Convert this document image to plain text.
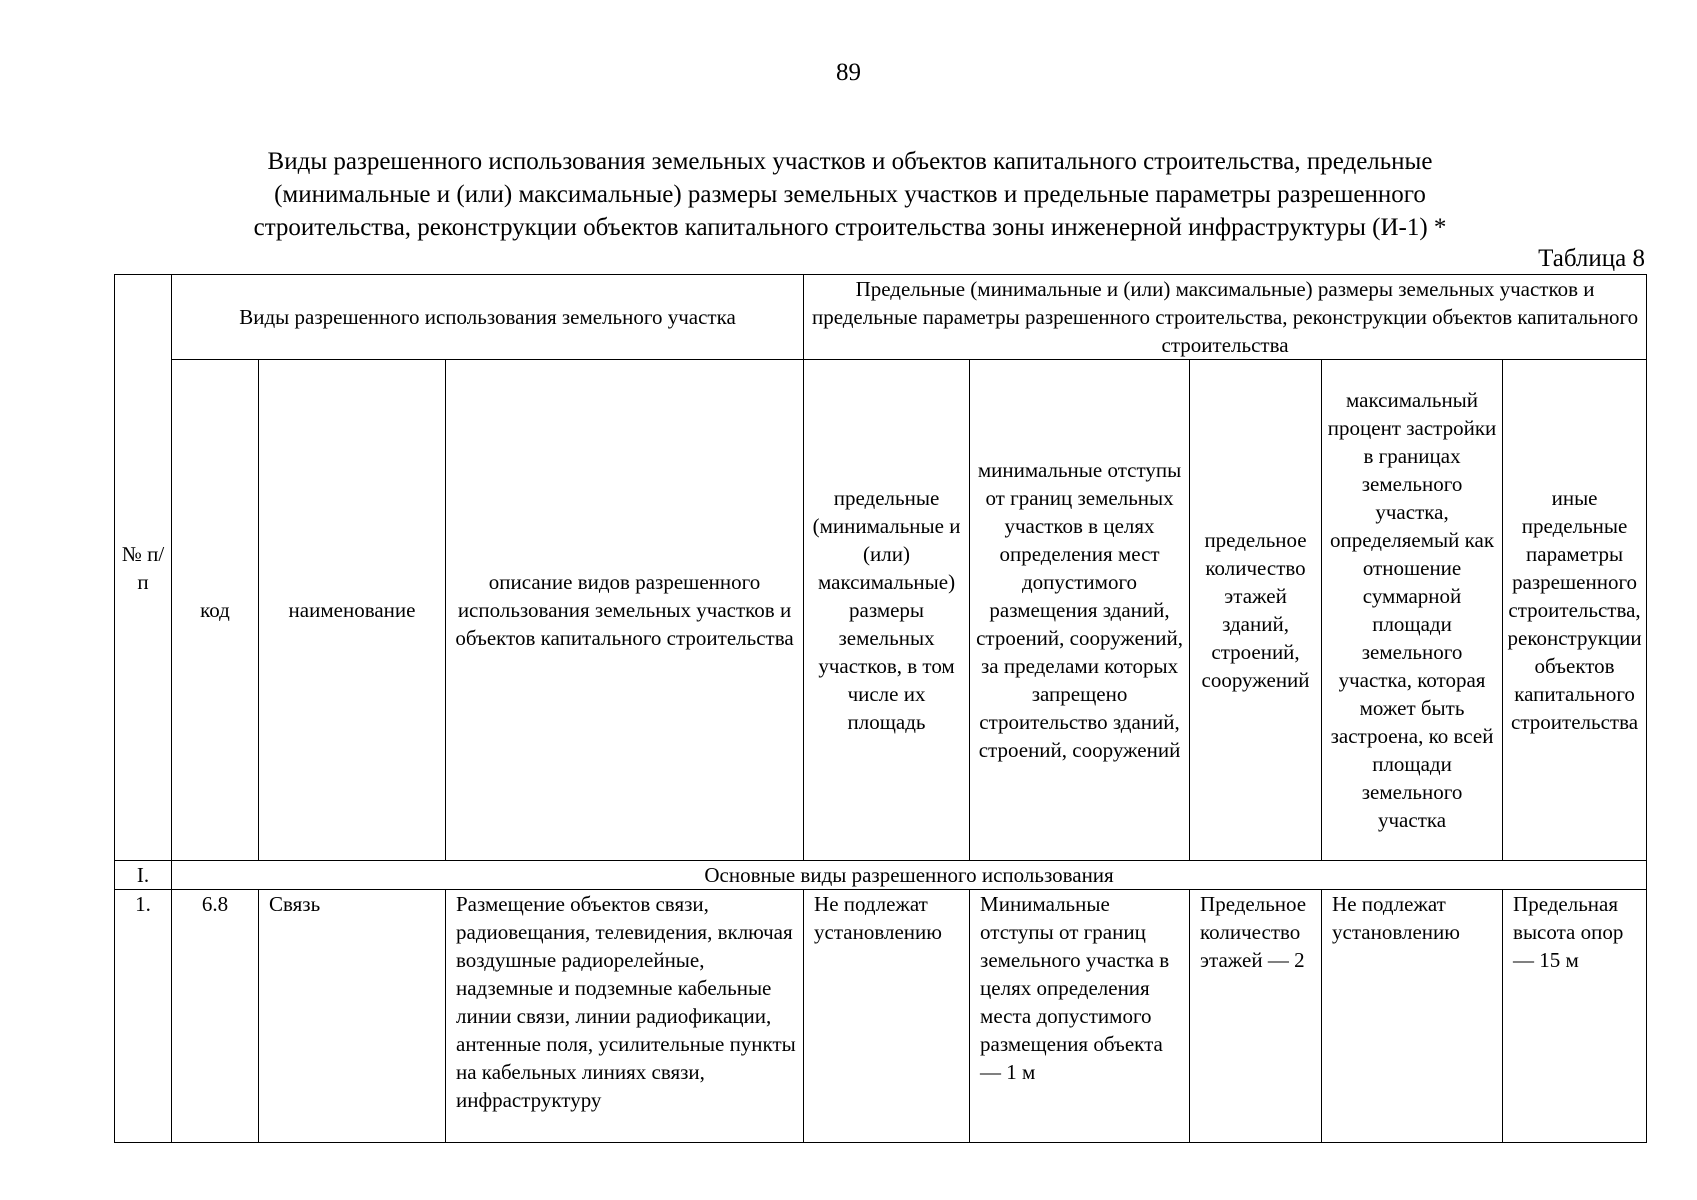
89
Виды разрешенного использования земельных участков и объектов капитального строительства, предельные
(минимальные и (или) максимальные) размеры земельных участков и предельные параметры разрешенного
строительства, реконструкции объектов капитального строительства зоны инженерной инфраструктуры (И-1) *
Таблица 8
№ п/п	Виды разрешенного использования земельного участка			Предельные (минимальные и (или) максимальные) размеры земельных участков и предельные параметры разрешенного строительства, реконструкции объектов капитального строительства				
	код	наименование	описание видов разрешенного использования земельных участков и объектов капитального строительства	предельные (минимальные и (или) максимальные) размеры земельных участков, в том числе их площадь	минимальные отступы от границ земельных участков в целях определения мест допустимого размещения зданий, строений, сооружений, за пределами которых запрещено строительство зданий, строений, сооружений	предельное количество этажей зданий, строений, сооружений	максимальный процент застройки в границах земельного участка, определяемый как отношение суммарной площади земельного участка, которая может быть застроена, ко всей площади земельного участка	иные предельные параметры разрешенного строительства, реконструкции объектов капитального строительства
I.	Основные виды разрешенного использования							
1.	6.8	Связь	Размещение объектов связи, радиовещания, телевидения, включая воздушные радиорелейные, надземные и подземные кабельные линии связи, линии радиофикации, антенные поля, усилительные пункты на кабельных линиях связи, инфраструктуру	Не подлежат установлению	Минимальные отступы от границ земельного участка в целях определения места допустимого размещения объекта — 1 м	Предельное количество этажей — 2	Не подлежат установлению	Предельная высота опор — 15 м
